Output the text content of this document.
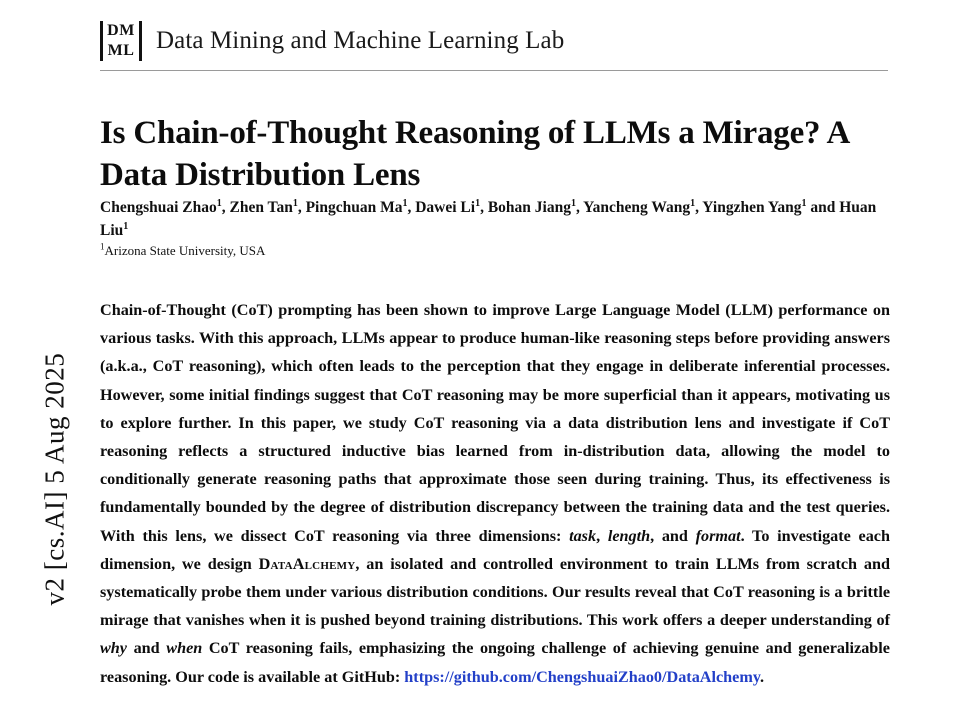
v2 [cs.AI] 5 Aug 2025
DM
ML Data Mining and Machine Learning Lab
Is Chain-of-Thought Reasoning of LLMs a Mirage? A Data Distribution Lens
Chengshuai Zhao$^1$, Zhen Tan$^1$, Pingchuan Ma$^1$, Dawei Li$^1$, Bohan Jiang$^1$, Yancheng Wang$^1$, Yingzhen Yang$^1$ and Huan Liu$^1$
$^1$Arizona State University, USA
Chain-of-Thought (CoT) prompting has been shown to improve Large Language Model (LLM) performance on various tasks. With this approach, LLMs appear to produce human-like reasoning steps before providing answers (a.k.a., CoT reasoning), which often leads to the perception that they engage in deliberate inferential processes. However, some initial findings suggest that CoT reasoning may be more superficial than it appears, motivating us to explore further. In this paper, we study CoT reasoning via a data distribution lens and investigate if CoT reasoning reflects a structured inductive bias learned from in-distribution data, allowing the model to conditionally generate reasoning paths that approximate those seen during training. Thus, its effectiveness is fundamentally bounded by the degree of distribution discrepancy between the training data and the test queries. With this lens, we dissect CoT reasoning via three dimensions: task, length, and format. To investigate each dimension, we design DataAlchemy, an isolated and controlled environment to train LLMs from scratch and systematically probe them under various distribution conditions. Our results reveal that CoT reasoning is a brittle mirage that vanishes when it is pushed beyond training distributions. This work offers a deeper understanding of why and when CoT reasoning fails, emphasizing the ongoing challenge of achieving genuine and generalizable reasoning. Our code is available at GitHub: https://github.com/ChengshuaiZhao0/DataAlchemy.
